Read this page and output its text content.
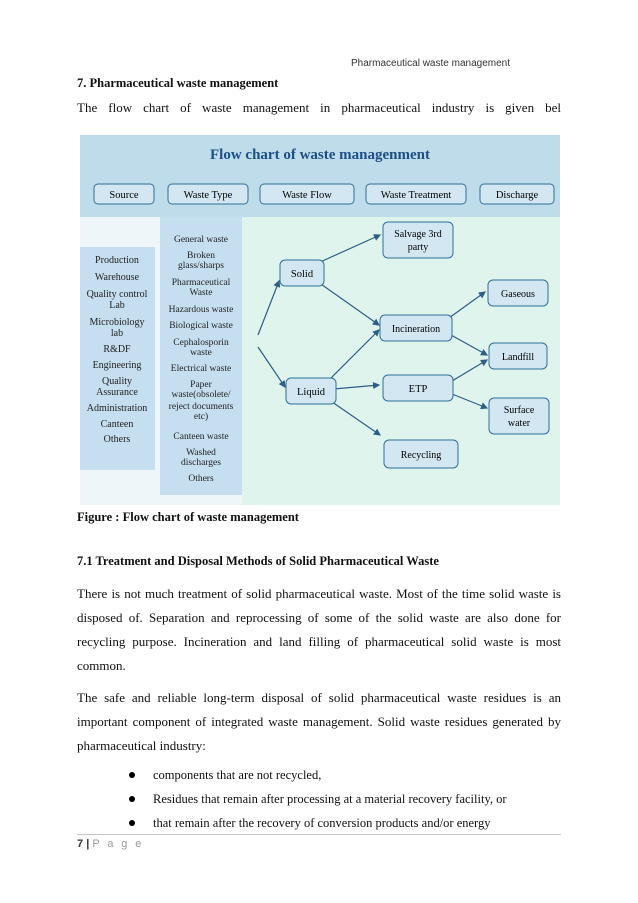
Pharmaceutical waste management
7. Pharmaceutical waste management
The flow chart of waste management in pharmaceutical industry is given bel
Flow chart of waste managenment
Source	Waste Type	Waste Flow	Waste Treatment	Discharge
Production
Warehouse
Quality control
Lab
Microbiology
lab
R&DF
Engineering
Quality
Assurance
Administration
Canteen
Others
General waste
Broken
glass/sharps
Pharmaceutical
Waste
Hazardous waste
Biological waste
Cephalosporin
waste
Electrical waste
Paper
waste(obsolete/
reject documents
etc)
Canteen waste
Washed
discharges
Others
Solid
Liquid
Salvage 3rd
party
Incineration
ETP
Recycling
Gaseous
Landfill
Surface
water
Figure : Flow chart of waste management
7.1 Treatment and Disposal Methods of Solid Pharmaceutical Waste
There is not much treatment of solid pharmaceutical waste. Most of the time solid waste is
disposed of. Separation and reprocessing of some of the solid waste are also done for
recycling purpose. Incineration and land filling of pharmaceutical solid waste is most
common.
The safe and reliable long-term disposal of solid pharmaceutical waste residues is an
important component of integrated waste management. Solid waste residues generated by
pharmaceutical industry:
components that are not recycled,
Residues that remain after processing at a material recovery facility, or
that remain after the recovery of conversion products and/or energy
7 | P a g e
